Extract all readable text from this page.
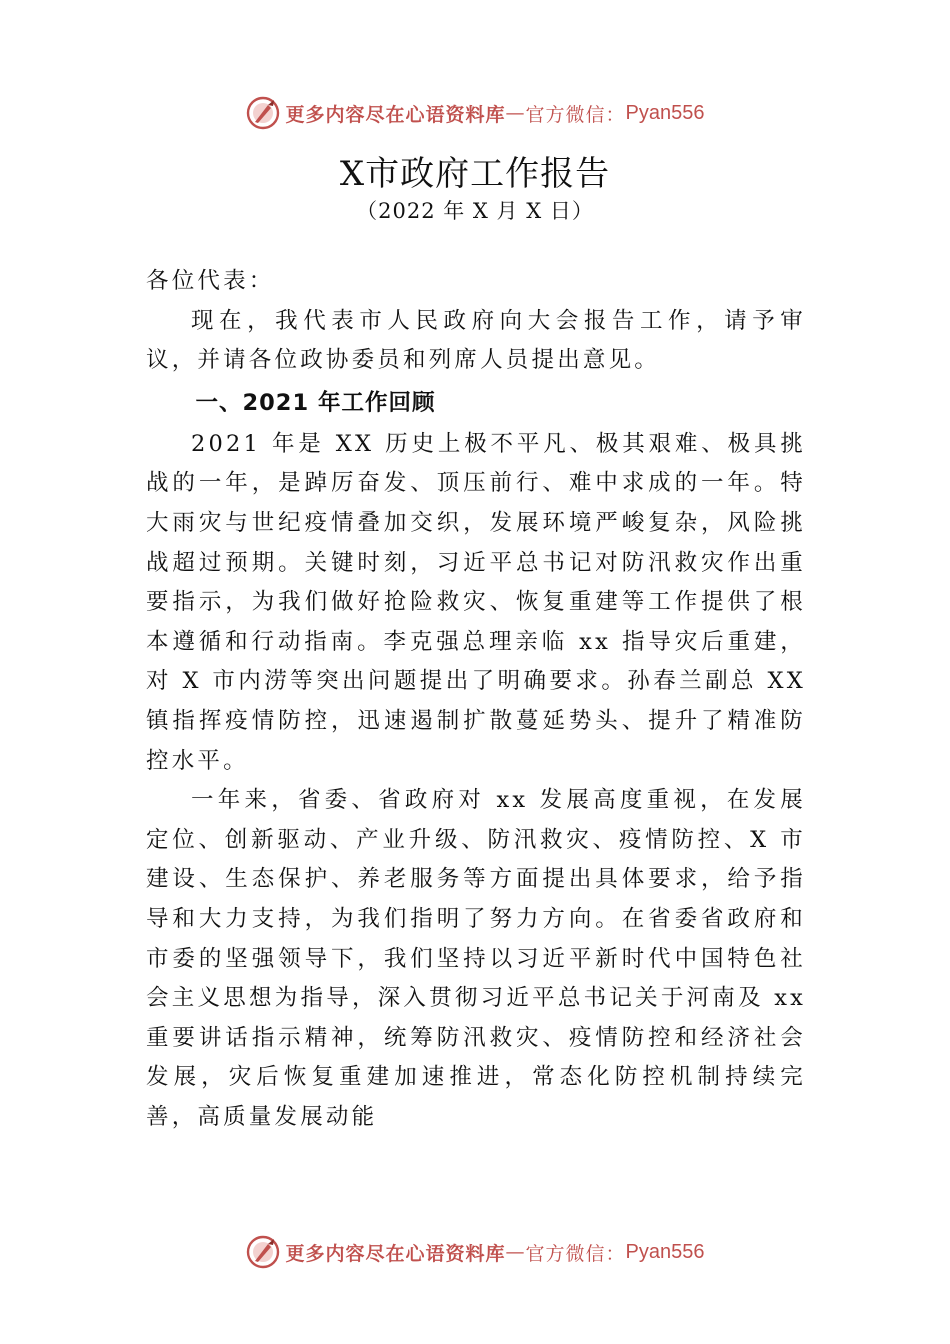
更多内容尽在心语资料库 — 官方微信： Pyan556
X市政府工作报告
（2022 年 X 月 X 日）

各位代表：

现在，我代表市人民政府向大会报告工作，请予审议，并请各位政协委员和列席人员提出意见。

一、2021 年工作回顾

2021 年是 XX 历史上极不平凡、极其艰难、极具挑战的一年，是踔厉奋发、顶压前行、难中求成的一年。特大雨灾与世纪疫情叠加交织，发展环境严峻复杂，风险挑战超过预期。关键时刻，习近平总书记对防汛救灾作出重要指示，为我们做好抢险救灾、恢复重建等工作提供了根本遵循和行动指南。李克强总理亲临 xx 指导灾后重建，对 X 市内涝等突出问题提出了明确要求。孙春兰副总 XX 镇指挥疫情防控，迅速遏制扩散蔓延势头、提升了精准防控水平。

一年来，省委、省政府对 xx 发展高度重视，在发展定位、创新驱动、产业升级、防汛救灾、疫情防控、X 市建设、生态保护、养老服务等方面提出具体要求，给予指导和大力支持，为我们指明了努力方向。在省委省政府和市委的坚强领导下，我们坚持以习近平新时代中国特色社会主义思想为指导，深入贯彻习近平总书记关于河南及 xx 重要讲话指示精神，统筹防汛救灾、疫情防控和经济社会发展，灾后恢复重建加速推进，常态化防控机制持续完善，高质量发展动能

更多内容尽在心语资料库 — 官方微信： Pyan556
